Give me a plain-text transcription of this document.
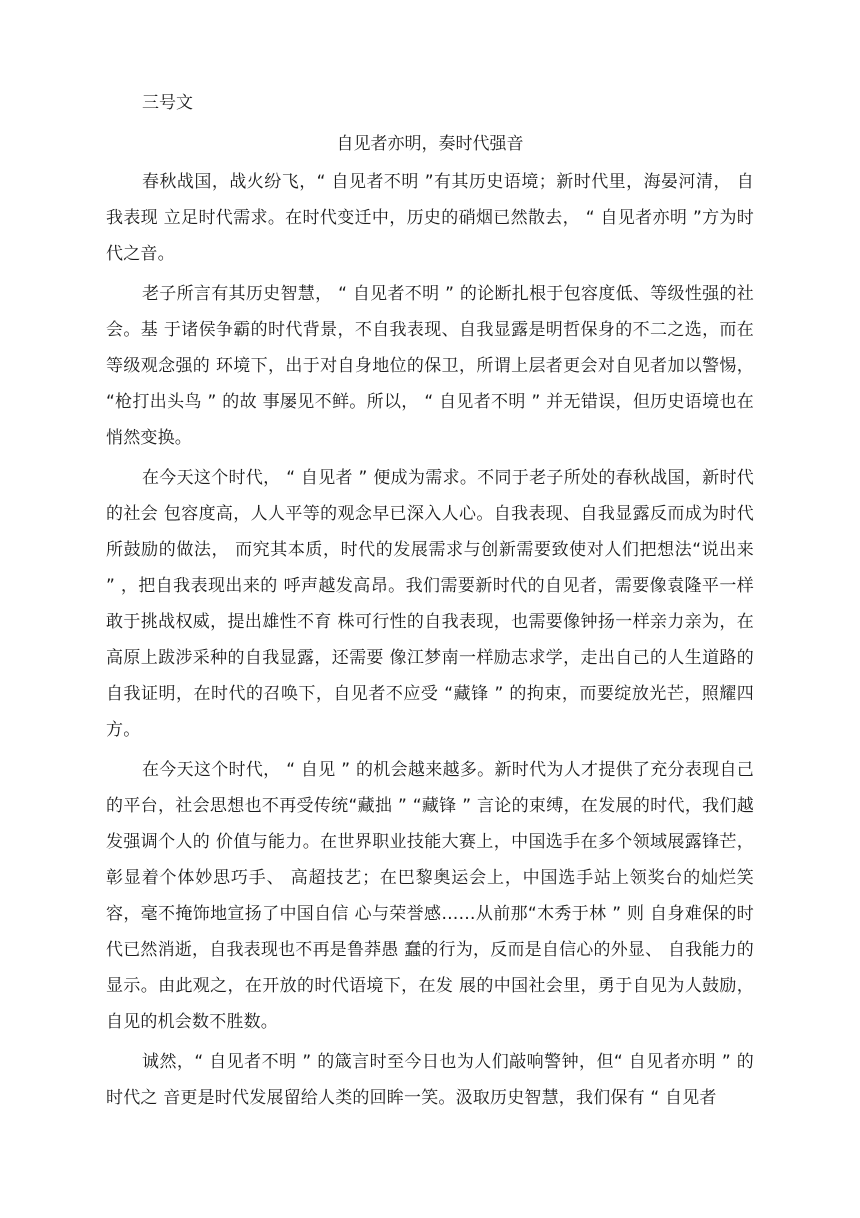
三号文

自见者亦明，奏时代强音

春秋战国，战火纷飞，“ 自见者不明 ”有其历史语境；新时代里，海晏河清， 自我表现 立足时代需求。在时代变迁中，历史的硝烟已然散去， “ 自见者亦明 ”方为时代之音。

老子所言有其历史智慧， “ 自见者不明 ” 的论断扎根于包容度低、等级性强的社会。基 于诸侯争霸的时代背景，不自我表现、自我显露是明哲保身的不二之选，而在等级观念强的 环境下，出于对自身地位的保卫，所谓上层者更会对自见者加以警惕， “枪打出头鸟 ” 的故 事屡见不鲜。所以， “ 自见者不明 ” 并无错误，但历史语境也在悄然变换。

在今天这个时代， “ 自见者 ” 便成为需求。不同于老子所处的春秋战国，新时代的社会 包容度高，人人平等的观念早已深入人心。自我表现、自我显露反而成为时代所鼓励的做法， 而究其本质，时代的发展需求与创新需要致使对人们把想法“说出来 ” ，把自我表现出来的 呼声越发高昂。我们需要新时代的自见者，需要像袁隆平一样敢于挑战权威，提出雄性不育 株可行性的自我表现，也需要像钟扬一样亲力亲为，在高原上跋涉采种的自我显露，还需要 像江梦南一样励志求学，走出自己的人生道路的自我证明，在时代的召唤下，自见者不应受 “藏锋 ” 的拘束，而要绽放光芒，照耀四方。

在今天这个时代， “ 自见 ” 的机会越来越多。新时代为人才提供了充分表现自己的平台，社会思想也不再受传统“藏拙 ” “藏锋 ” 言论的束缚，在发展的时代，我们越发强调个人的 价值与能力。在世界职业技能大赛上，中国选手在多个领域展露锋芒，彰显着个体妙思巧手、 高超技艺；在巴黎奥运会上，中国选手站上领奖台的灿烂笑容，毫不掩饰地宣扬了中国自信 心与荣誉感……从前那“木秀于林 ” 则 自身难保的时代已然消逝，自我表现也不再是鲁莽愚 蠢的行为，反而是自信心的外显、 自我能力的显示。由此观之，在开放的时代语境下，在发 展的中国社会里，勇于自见为人鼓励， 自见的机会数不胜数。

诚然，“ 自见者不明 ” 的箴言时至今日也为人们敲响警钟，但“ 自见者亦明 ” 的时代之 音更是时代发展留给人类的回眸一笑。汲取历史智慧，我们保有 “ 自见者
